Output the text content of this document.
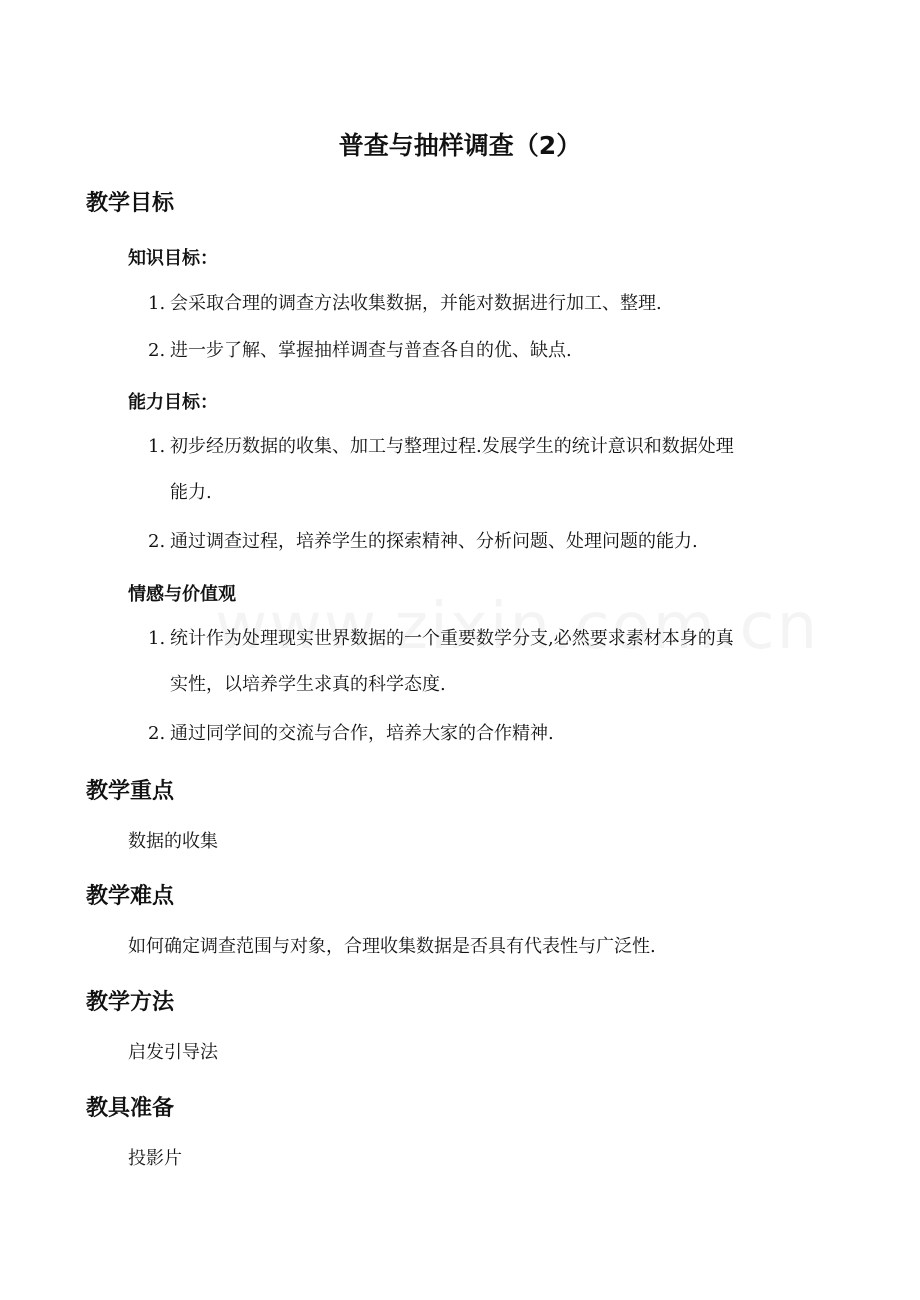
普查与抽样调查（2）
教学目标
知识目标：
1. 会采取合理的调查方法收集数据，并能对数据进行加工、整理.
2. 进一步了解、掌握抽样调查与普查各自的优、缺点.
能力目标：
1. 初步经历数据的收集、加工与整理过程.发展学生的统计意识和数据处理
能力.
2. 通过调查过程，培养学生的探索精神、分析问题、处理问题的能力.
情感与价值观
1. 统计作为处理现实世界数据的一个重要数学分支,必然要求素材本身的真
实性，以培养学生求真的科学态度.
2. 通过同学间的交流与合作，培养大家的合作精神.
教学重点
数据的收集
教学难点
如何确定调查范围与对象，合理收集数据是否具有代表性与广泛性.
教学方法
启发引导法
教具准备
投影片
